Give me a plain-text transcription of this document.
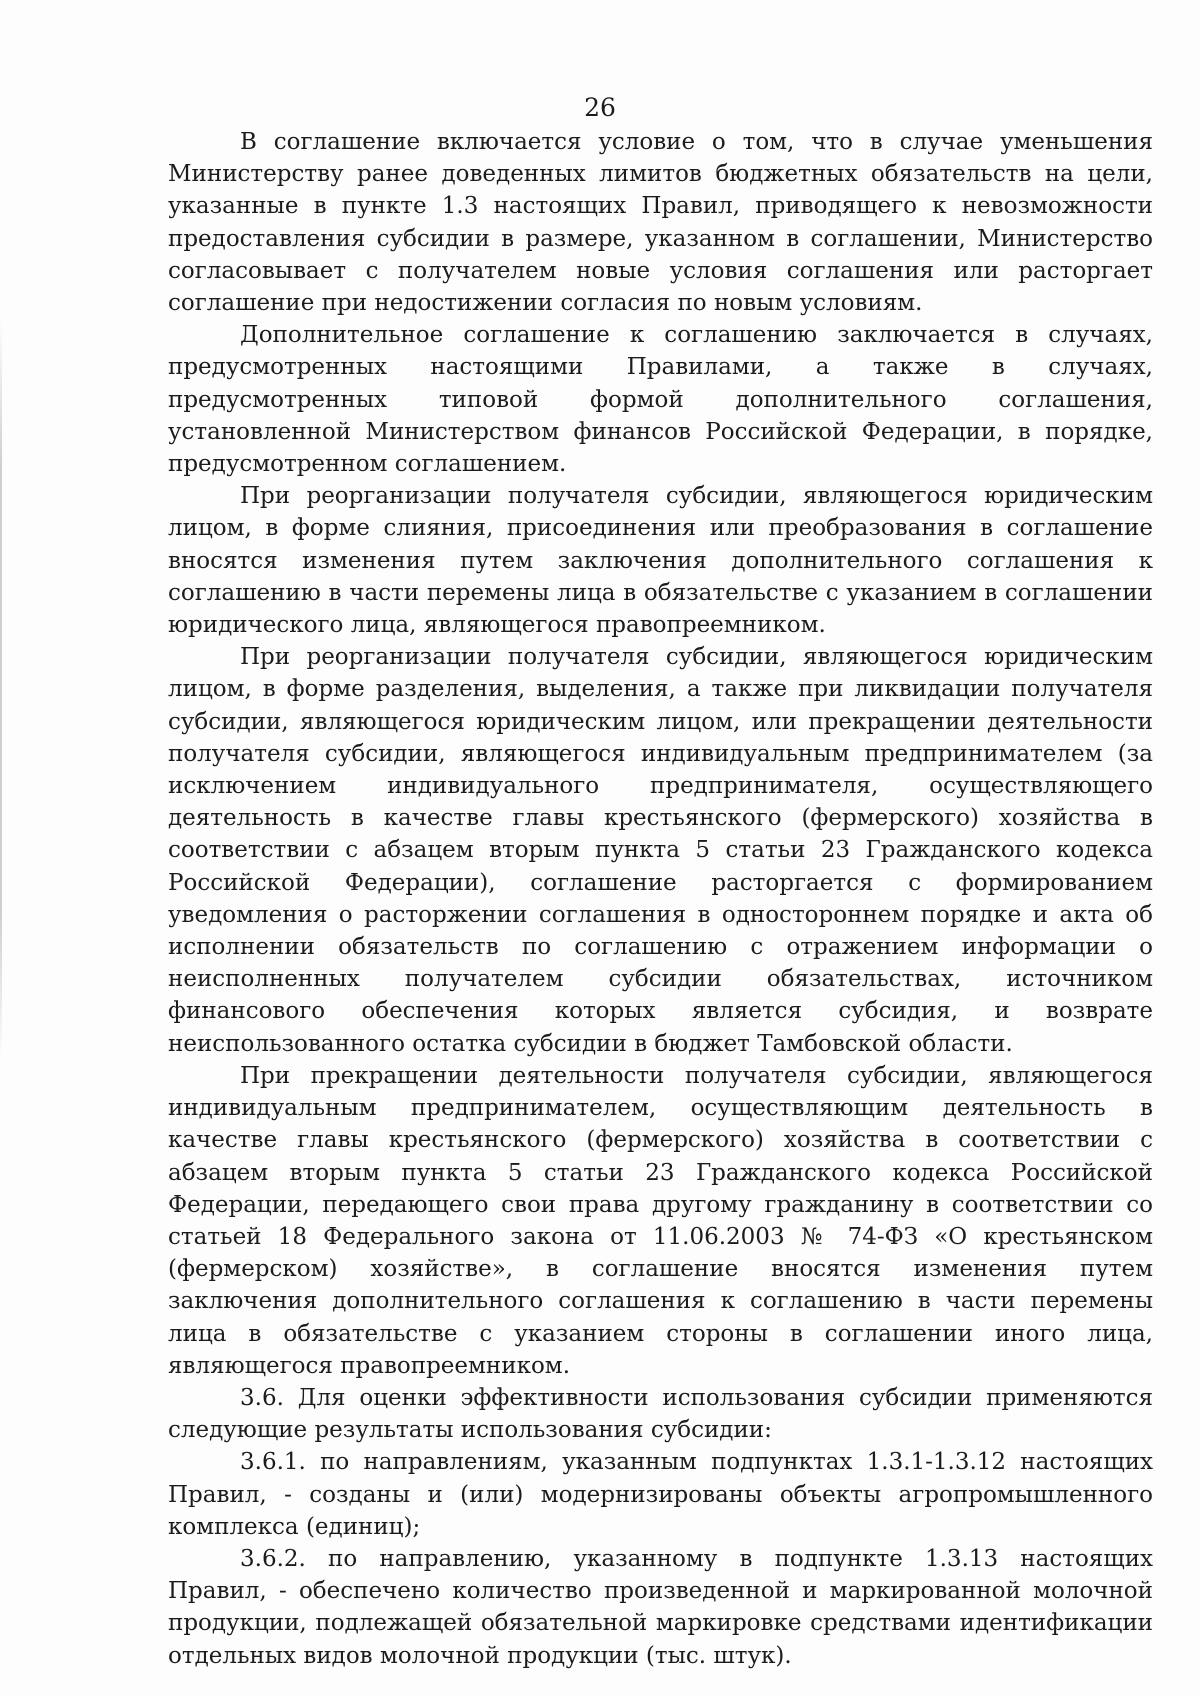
26

В соглашение включается условие о том, что в случае уменьшения Министерству ранее доведенных лимитов бюджетных обязательств на цели, указанные в пункте 1.3 настоящих Правил, приводящего к невозможности предоставления субсидии в размере, указанном в соглашении, Министерство согласовывает с получателем новые условия соглашения или расторгает соглашение при недостижении согласия по новым условиям.

Дополнительное соглашение к соглашению заключается в случаях, предусмотренных настоящими Правилами, а также в случаях, предусмотренных типовой формой дополнительного соглашения, установленной Министерством финансов Российской Федерации, в порядке, предусмотренном соглашением.

При реорганизации получателя субсидии, являющегося юридическим лицом, в форме слияния, присоединения или преобразования в соглашение вносятся изменения путем заключения дополнительного соглашения к соглашению в части перемены лица в обязательстве с указанием в соглашении юридического лица, являющегося правопреемником.

При реорганизации получателя субсидии, являющегося юридическим лицом, в форме разделения, выделения, а также при ликвидации получателя субсидии, являющегося юридическим лицом, или прекращении деятельности получателя субсидии, являющегося индивидуальным предпринимателем (за исключением индивидуального предпринимателя, осуществляющего деятельность в качестве главы крестьянского (фермерского) хозяйства в соответствии с абзацем вторым пункта 5 статьи 23 Гражданского кодекса Российской Федерации), соглашение расторгается с формированием уведомления о расторжении соглашения в одностороннем порядке и акта об исполнении обязательств по соглашению с отражением информации о неисполненных получателем субсидии обязательствах, источником финансового обеспечения которых является субсидия, и возврате неиспользованного остатка субсидии в бюджет Тамбовской области.

При прекращении деятельности получателя субсидии, являющегося индивидуальным предпринимателем, осуществляющим деятельность в качестве главы крестьянского (фермерского) хозяйства в соответствии с абзацем вторым пункта 5 статьи 23 Гражданского кодекса Российской Федерации, передающего свои права другому гражданину в соответствии со статьей 18 Федерального закона от 11.06.2003 № 74-ФЗ «О крестьянском (фермерском) хозяйстве», в соглашение вносятся изменения путем заключения дополнительного соглашения к соглашению в части перемены лица в обязательстве с указанием стороны в соглашении иного лица, являющегося правопреемником.

3.6. Для оценки эффективности использования субсидии применяются следующие результаты использования субсидии:

3.6.1. по направлениям, указанным подпунктах 1.3.1-1.3.12 настоящих Правил, - созданы и (или) модернизированы объекты агропромышленного комплекса (единиц);

3.6.2. по направлению, указанному в подпункте 1.3.13 настоящих Правил, - обеспечено количество произведенной и маркированной молочной продукции, подлежащей обязательной маркировке средствами идентификации отдельных видов молочной продукции (тыс. штук).
